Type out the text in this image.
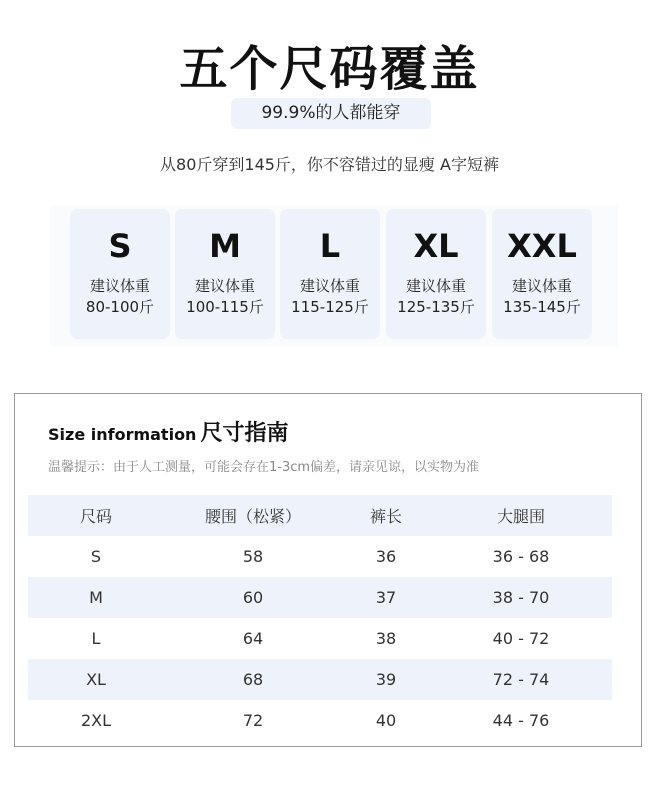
五个尺码覆盖
99.9%的人都能穿
从80斤穿到145斤，你不容错过的显瘦 A字短裤
S
建议体重
80-100斤
M
建议体重
100-115斤
L
建议体重
115-125斤
XL
建议体重
125-135斤
XXL
建议体重
135-145斤
Size information 尺寸指南
温馨提示：由于人工测量，可能会存在1-3cm偏差，请亲见谅，以实物为准
尺码	腰围（松紧）	裤长	大腿围
S	58	36	36 - 68
M	60	37	38 - 70
L	64	38	40 - 72
XL	68	39	72 - 74
2XL	72	40	44 - 76
